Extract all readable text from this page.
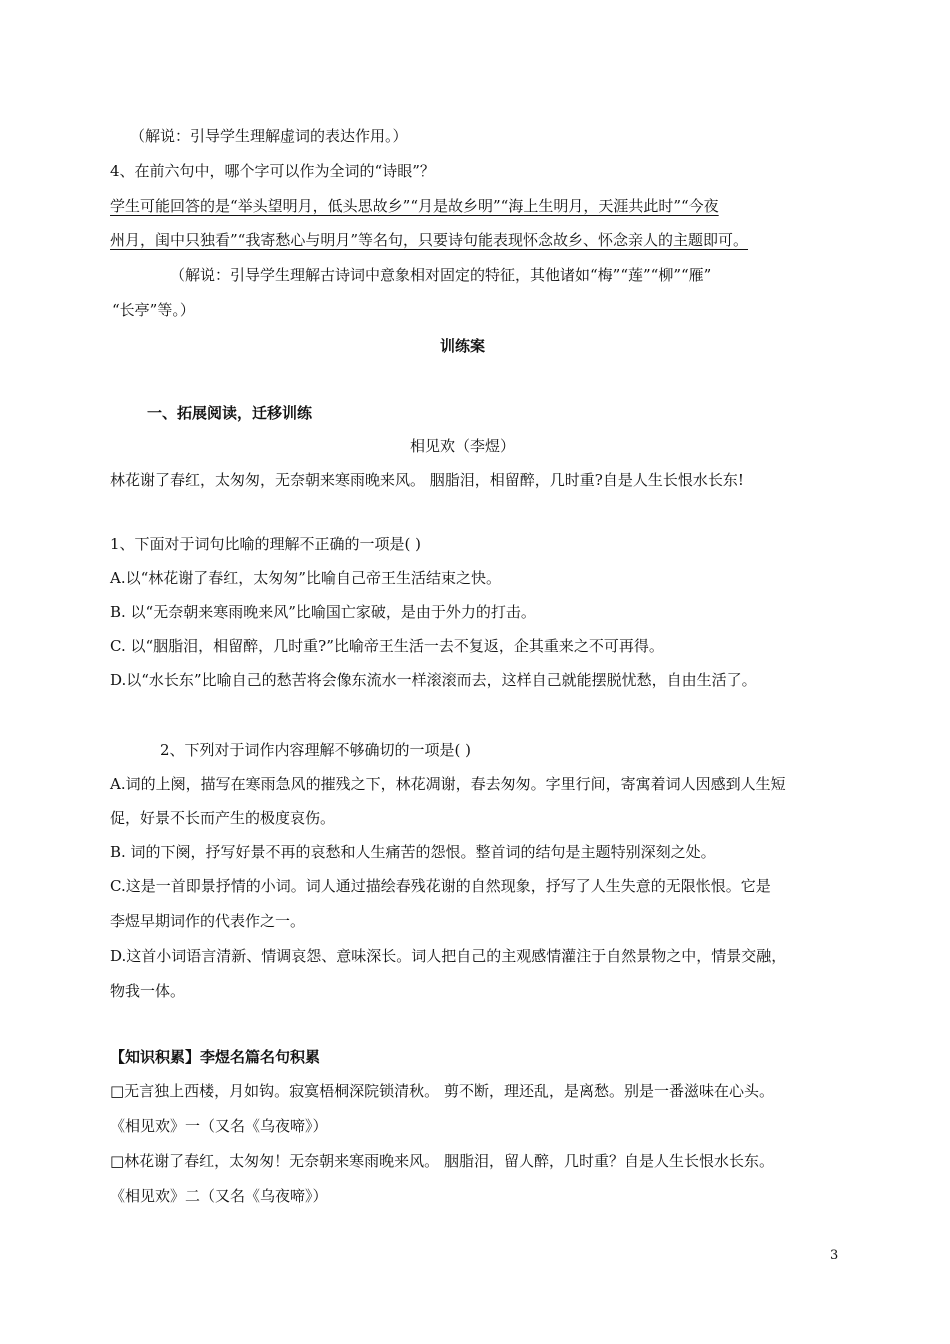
（解说：引导学生理解虚词的表达作用。）
4、在前六句中，哪个字可以作为全词的“诗眼”？
学生可能回答的是“举头望明月，低头思故乡”“月是故乡明”“海上生明月，天涯共此时”“今夜
州月，闺中只独看”“我寄愁心与明月”等名句，只要诗句能表现怀念故乡、怀念亲人的主题即可。
（解说：引导学生理解古诗词中意象相对固定的特征，其他诸如“梅”“莲”“柳”“雁”
“长亭”等。）
训练案
一、拓展阅读，迁移训练
相见欢（李煜）
林花谢了春红，太匆匆，无奈朝来寒雨晚来风。 胭脂泪，相留醉，几时重?自是人生长恨水长东!
1、下面对于词句比喻的理解不正确的一项是( )
A.以“林花谢了春红，太匆匆”比喻自己帝王生活结束之快。
B. 以“无奈朝来寒雨晚来风”比喻国亡家破，是由于外力的打击。
C. 以“胭脂泪，相留醉，几时重?”比喻帝王生活一去不复返，企其重来之不可再得。
D.以“水长东”比喻自己的愁苦将会像东流水一样滚滚而去，这样自己就能摆脱忧愁，自由生活了。
2、下列对于词作内容理解不够确切的一项是( )
A.词的上阕，描写在寒雨急风的摧残之下，林花凋谢，春去匆匆。字里行间，寄寓着词人因感到人生短
促，好景不长而产生的极度哀伤。
B. 词的下阕，抒写好景不再的哀愁和人生痛苦的怨恨。整首词的结句是主题特别深刻之处。
C.这是一首即景抒情的小词。词人通过描绘春残花谢的自然现象，抒写了人生失意的无限怅恨。它是
李煜早期词作的代表作之一。
D.这首小词语言清新、情调哀怨、意味深长。词人把自己的主观感情灌注于自然景物之中，情景交融，
物我一体。
【知识积累】李煜名篇名句积累
□无言独上西楼，月如钩。寂寞梧桐深院锁清秋。 剪不断，理还乱，是离愁。别是一番滋味在心头。
《相见欢》一（又名《乌夜啼》）
□林花谢了春红，太匆匆！无奈朝来寒雨晚来风。 胭脂泪，留人醉，几时重？自是人生长恨水长东。
《相见欢》二（又名《乌夜啼》）
3
